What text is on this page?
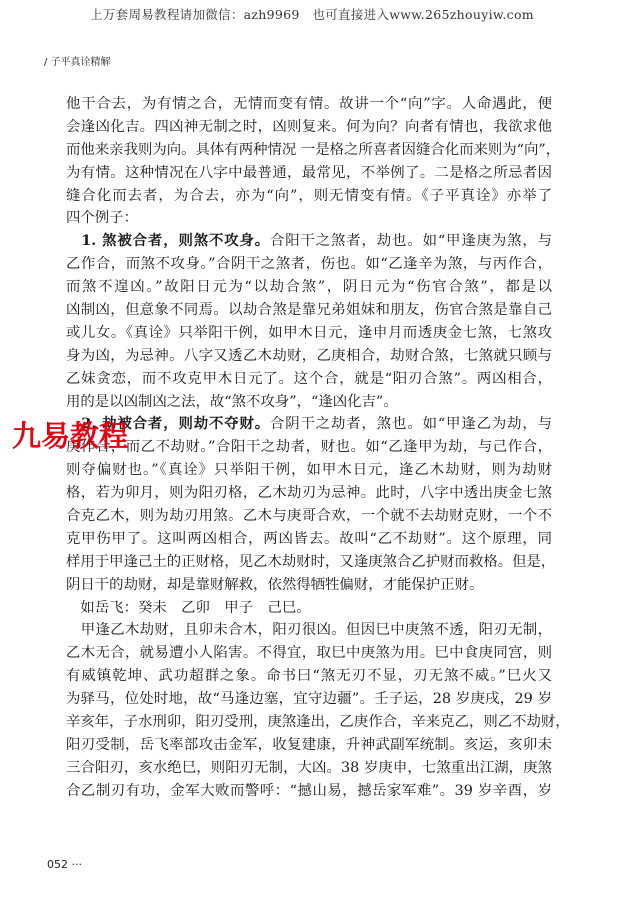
上万套周易教程请加微信：azh9969　也可直接进入www.265zhouyiw.com
/ 子平真诠精解
他干合去，为有情之合，无情而变有情。故讲一个“向”字。人命遇此，便
会逢凶化吉。四凶神无制之时，凶则复来。何为向？向者有情也，我欲求他
而他来亲我则为向。具体有两种情况 一是格之所喜者因缝合化而来则为“向”，
为有情。这种情况在八字中最普通，最常见，不举例了。二是格之所忌者因
缝合化而去者，为合去，亦为“向”，则无情变有情。《子平真诠》亦举了
四个例子：
　1. 煞被合者，则煞不攻身。合阳干之煞者，劫也。如“甲逢庚为煞，与
乙作合，而煞不攻身。”合阴干之煞者，伤也。如“乙逢辛为煞，与丙作合，
而煞不遑凶。”故阳日元为“以劫合煞”，阴日元为“伤官合煞”，都是以
凶制凶，但意象不同焉。以劫合煞是靠兄弟姐妹和朋友，伤官合煞是靠自己
或儿女。《真诠》只举阳干例，如甲木日元，逢申月而透庚金七煞，七煞攻
身为凶，为忌神。八字又透乙木劫财，乙庚相合，劫财合煞，七煞就只顾与
乙妹贪恋，而不攻克甲木日元了。这个合，就是“阳刃合煞”。两凶相合，
用的是以凶制凶之法，故“煞不攻身”，“逢凶化吉”。
　2. 劫被合者，则劫不夺财。合阴干之劫者，煞也。如“甲逢乙为劫，与
庚作合，而乙不劫财。”合阳干之劫者，财也。如“乙逢甲为劫，与己作合，
则夺偏财也。”《真诠》只举阳干例，如甲木日元，逢乙木劫财，则为劫财
格，若为卯月，则为阳刃格，乙木劫刃为忌神。此时，八字中透出庚金七煞
合克乙木，则为劫刃用煞。乙木与庚哥合欢，一个就不去劫财克财，一个不
克甲伤甲了。这叫两凶相合，两凶皆去。故叫“乙不劫财”。这个原理，同
样用于甲逢己土的正财格，见乙木劫财时，又逢庚煞合乙护财而救格。但是，
阴日干的劫财，却是靠财解救，依然得牺牲偏财，才能保护正财。
　如岳飞：癸未　乙卯　甲子　己巳。
　甲逢乙木劫财，且卯未合木，阳刃很凶。但因巳中庚煞不透，阳刃无制，
乙木无合，就易遭小人陷害。不得宜，取巳中庚煞为用。巳中食庚同宫，则
有威镇乾坤、武功超群之象。命书曰“煞无刃不显，刃无煞不威。”巳火又
为驿马，位处时地，故“马逢边塞，宜守边疆”。壬子运，28 岁庚戌，29 岁
辛亥年，子水刑卯，阳刃受刑，庚煞逢出，乙庚作合，辛来克乙，则乙不劫财，
阳刃受制，岳飞率部攻击金军，收复建康，升神武副军统制。亥运，亥卯未
三合阳刃，亥水绝巳，则阳刃无制，大凶。38 岁庚申，七煞重出江湖，庚煞
合乙制刃有功，金军大败而警呼：“撼山易，撼岳家军难”。39 岁辛酉，岁
九易教程
052 ···
